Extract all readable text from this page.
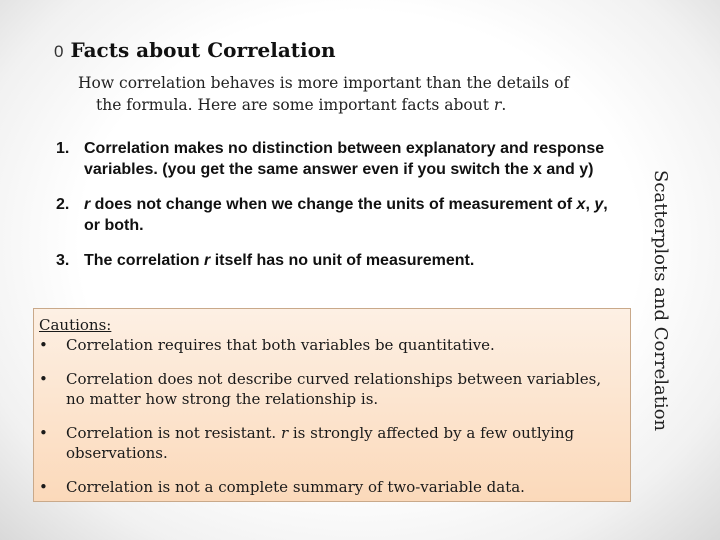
0 Facts about Correlation
How correlation behaves is more important than the details of
the formula. Here are some important facts about r.
1. Correlation makes no distinction between explanatory and response variables. (you get the same answer even if you switch the x and y)
2. r does not change when we change the units of measurement of x, y, or both.
3. The correlation r itself has no unit of measurement.
Cautions:
•	Correlation requires that both variables be quantitative.
•	Correlation does not describe curved relationships between variables, no matter how strong the relationship is.
•	Correlation is not resistant. r is strongly affected by a few outlying observations.
•	Correlation is not a complete summary of two-variable data.
Scatterplots and Correlation
